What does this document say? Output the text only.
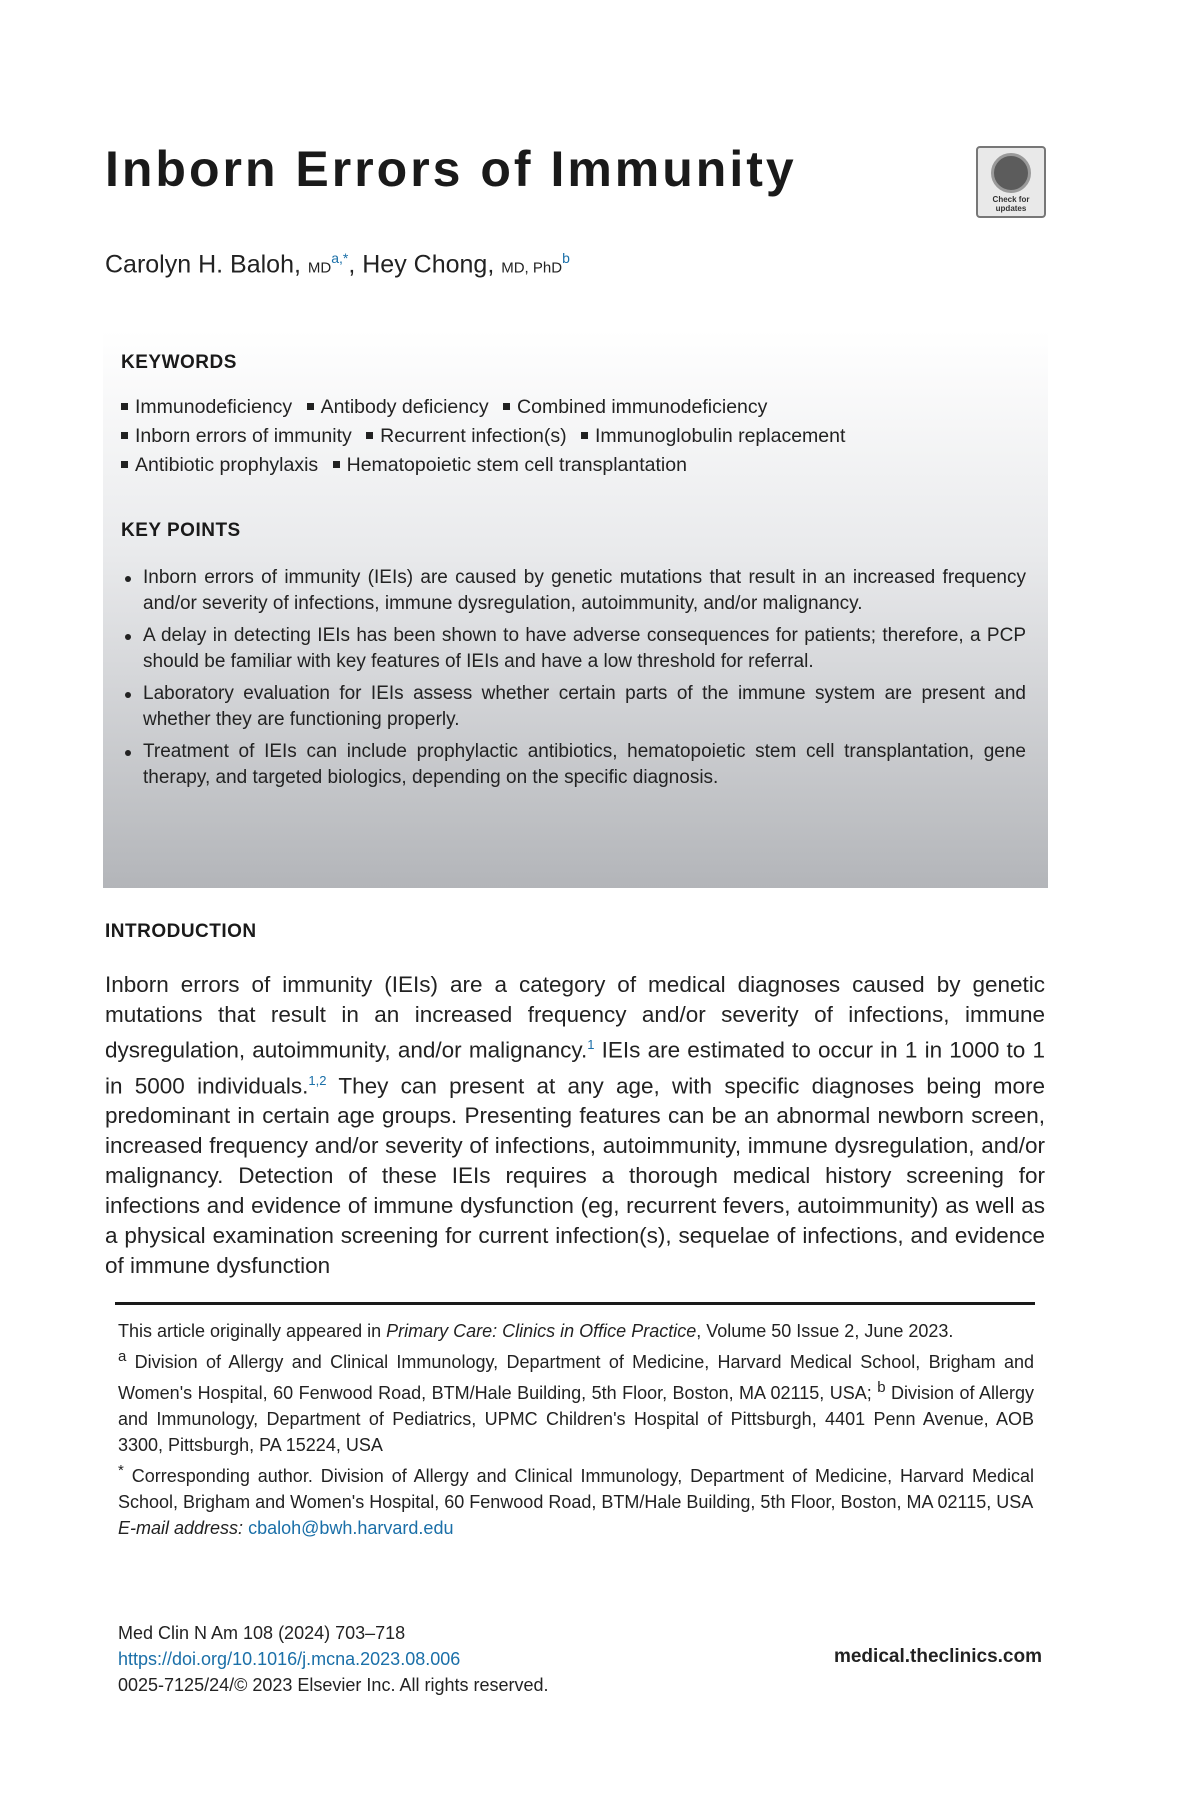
Inborn Errors of Immunity
Check for updates
Carolyn H. Baloh, $MD^{a,*}$, Hey Chong, MD, PhD$^b$
KEYWORDS
Immunodeficiency Antibody deficiency Combined immunodeficiency
Inborn errors of immunity Recurrent infection(s) Immunoglobulin replacement
Antibiotic prophylaxis Hematopoietic stem cell transplantation
KEY POINTS
Inborn errors of immunity (IEIs) are caused by genetic mutations that result in an increased frequency and/or severity of infections, immune dysregulation, autoimmunity, and/or malignancy.
A delay in detecting IEIs has been shown to have adverse consequences for patients; therefore, a PCP should be familiar with key features of IEIs and have a low threshold for referral.
Laboratory evaluation for IEIs assess whether certain parts of the immune system are present and whether they are functioning properly.
Treatment of IEIs can include prophylactic antibiotics, hematopoietic stem cell transplantation, gene therapy, and targeted biologics, depending on the specific diagnosis.
INTRODUCTION

Inborn errors of immunity (IEIs) are a category of medical diagnoses caused by genetic mutations that result in an increased frequency and/or severity of infections, immune dysregulation, autoimmunity, and/or malignancy.$^1$ IEIs are estimated to occur in 1 in 1000 to 1 in 5000 individuals.$^{1,2}$ They can present at any age, with specific diagnoses being more predominant in certain age groups. Presenting features can be an abnormal newborn screen, increased frequency and/or severity of infections, autoimmunity, immune dysregulation, and/or malignancy. Detection of these IEIs requires a thorough medical history screening for infections and evidence of immune dysfunction (eg, recurrent fevers, autoimmunity) as well as a physical examination screening for current infection(s), sequelae of infections, and evidence of immune dysfunction

This article originally appeared in Primary Care: Clinics in Office Practice, Volume 50 Issue 2, June 2023.

$^a$ Division of Allergy and Clinical Immunology, Department of Medicine, Harvard Medical School, Brigham and Women's Hospital, 60 Fenwood Road, BTM/Hale Building, 5th Floor, Boston, MA 02115, USA; $^b$ Division of Allergy and Immunology, Department of Pediatrics, UPMC Children's Hospital of Pittsburgh, 4401 Penn Avenue, AOB 3300, Pittsburgh, PA 15224, USA

* Corresponding author. Division of Allergy and Clinical Immunology, Department of Medicine, Harvard Medical School, Brigham and Women's Hospital, 60 Fenwood Road, BTM/Hale Building, 5th Floor, Boston, MA 02115, USA

E-mail address: cbaloh@bwh.harvard.edu

Med Clin N Am 108 (2024) 703–718
https://doi.org/10.1016/j.mcna.2023.08.006
0025-7125/24/© 2023 Elsevier Inc. All rights reserved.
medical.theclinics.com
